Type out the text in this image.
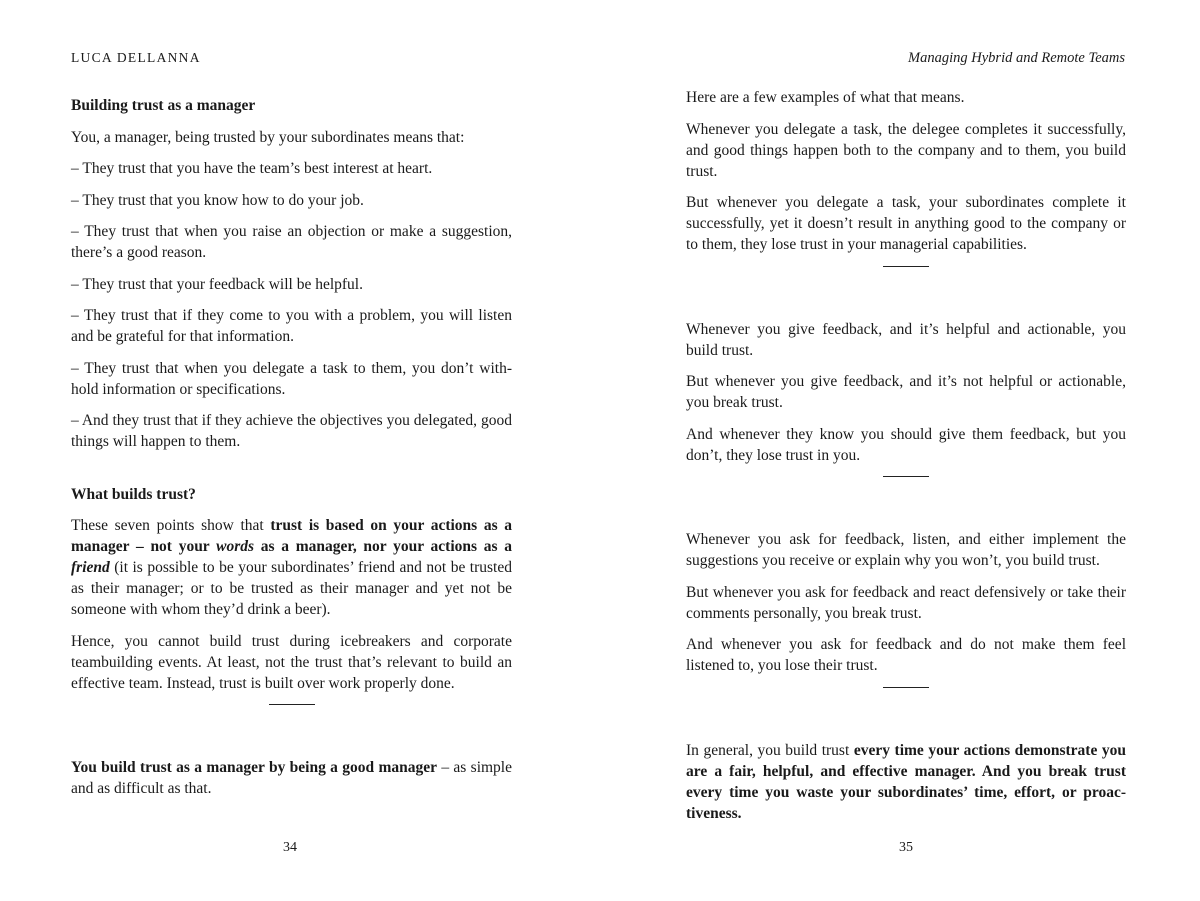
LUCA DELLANNA

Building trust as a manager

You, a manager, being trusted by your subordinates means that:

– They trust that you have the team’s best interest at heart.

– They trust that you know how to do your job.

– They trust that when you raise an objection or make a suggestion, there’s a good reason.

– They trust that your feedback will be helpful.

– They trust that if they come to you with a problem, you will listen and be grateful for that information.

– They trust that when you delegate a task to them, you don’t with-hold information or specifications.

– And they trust that if they achieve the objectives you delegated, good things will happen to them.

What builds trust?

These seven points show that trust is based on your actions as a manager – not your words as a manager, nor your actions as a friend (it is possible to be your subordinates’ friend and not be trusted as their manager; or to be trusted as their manager and yet not be someone with whom they’d drink a beer).

Hence, you cannot build trust during icebreakers and corporate teambuilding events. At least, not the trust that’s relevant to build an effective team. Instead, trust is built over work properly done.

You build trust as a manager by being a good manager – as simple and as difficult as that.

34
Managing Hybrid and Remote Teams

Here are a few examples of what that means.

Whenever you delegate a task, the delegee completes it successfully, and good things happen both to the company and to them, you build trust.

But whenever you delegate a task, your subordinates complete it successfully, yet it doesn’t result in anything good to the company or to them, they lose trust in your managerial capabilities.

Whenever you give feedback, and it’s helpful and actionable, you build trust.

But whenever you give feedback, and it’s not helpful or actionable, you break trust.

And whenever they know you should give them feedback, but you don’t, they lose trust in you.

Whenever you ask for feedback, listen, and either implement the suggestions you receive or explain why you won’t, you build trust.

But whenever you ask for feedback and react defensively or take their comments personally, you break trust.

And whenever you ask for feedback and do not make them feel listened to, you lose their trust.

In general, you build trust every time your actions demonstrate you are a fair, helpful, and effective manager. And you break trust every time you waste your subordinates’ time, effort, or proac-tiveness.

35
